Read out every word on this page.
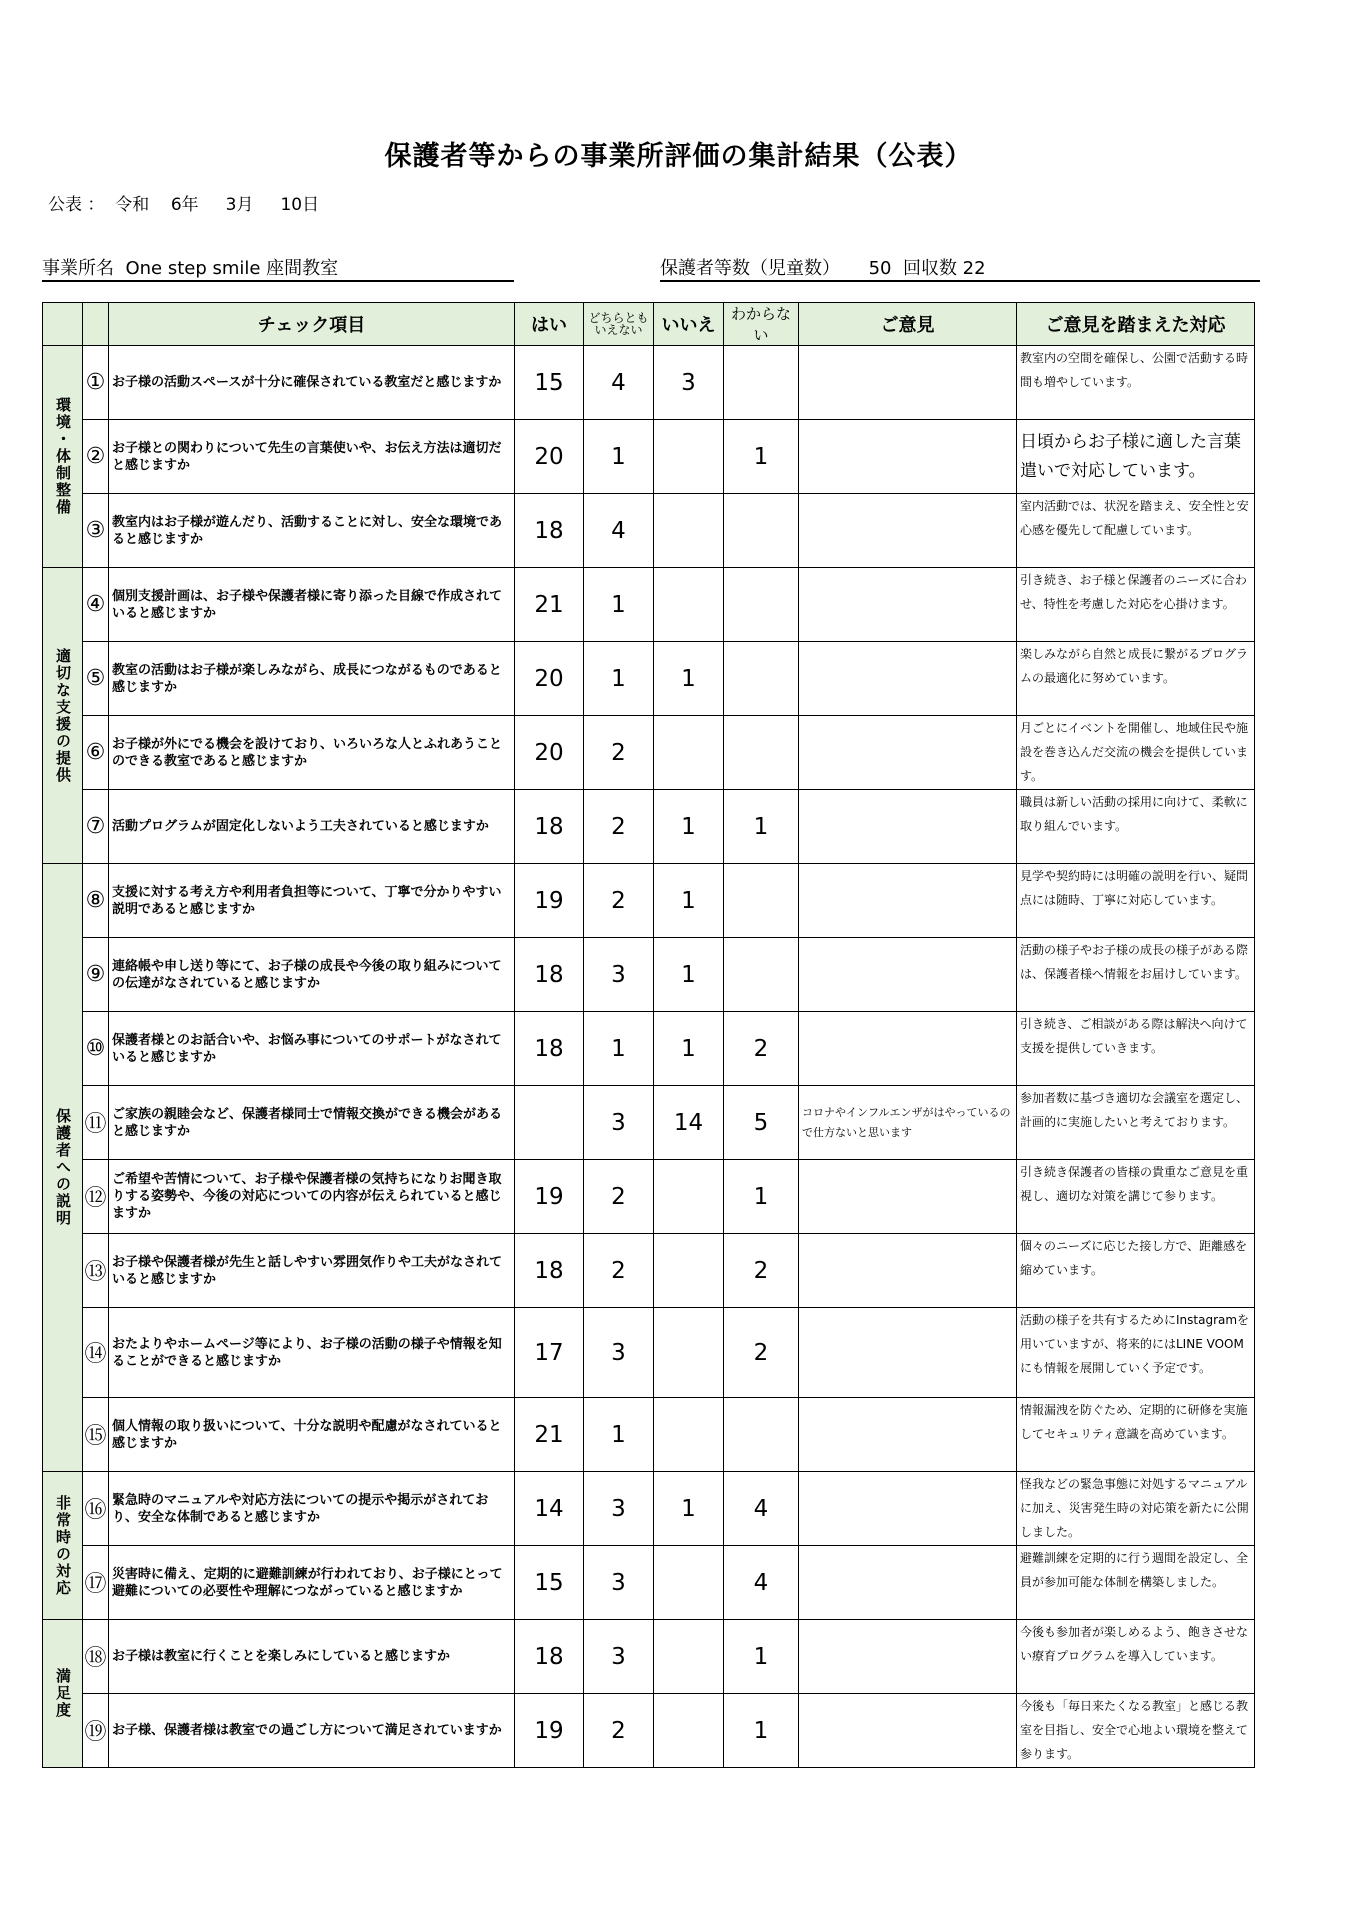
保護者等からの事業所評価の集計結果（公表）
公表 ：  令和    6年     3月     10日
事業所名  One step smile 座間教室	保護者等数（児童数）     50  回収数 22
		チェック項目	はい	どちらとも いえない	いいえ	わからない	ご意見	ご意見を踏まえた対応
環境・体制整備	①	お子様の活動スペースが十分に確保されている教室だと感じますか	15	4	3			教室内の空間を確保し、公園で活動する時間も増やしています。
	②	お子様との関わりについて先生の言葉使いや、お伝え方法は適切だと感じますか	20	1		1		日頃からお子様に適した言葉遣いで対応しています。
	③	教室内はお子様が遊んだり、活動することに対し、安全な環境であると感じますか	18	4				室内活動では、状況を踏まえ、安全性と安心感を優先して配慮しています。
適切な支援の提供	④	個別支援計画は、お子様や保護者様に寄り添った目線で作成されていると感じますか	21	1				引き続き、お子様と保護者のニーズに合わせ、特性を考慮した対応を心掛けます。
	⑤	教室の活動はお子様が楽しみながら、成長につながるものであると感じますか	20	1	1			楽しみながら自然と成長に繋がるプログラムの最適化に努めています。
	⑥	お子様が外にでる機会を設けており、いろいろな人とふれあうことのできる教室であると感じますか	20	2				月ごとにイベントを開催し、地域住民や施設を巻き込んだ交流の機会を提供しています。
	⑦	活動プログラムが固定化しないよう工夫されていると感じますか	18	2	1	1		職員は新しい活動の採用に向けて、柔軟に取り組んでいます。
保護者への説明	⑧	支援に対する考え方や利用者負担等について、丁寧で分かりやすい説明であると感じますか	19	2	1			見学や契約時には明確の説明を行い、疑問点には随時、丁寧に対応しています。
	⑨	連絡帳や申し送り等にて、お子様の成長や今後の取り組みについての伝達がなされていると感じますか	18	3	1			活動の様子やお子様の成長の様子がある際は、保護者様へ情報をお届けしています。
	⑩	保護者様とのお話合いや、お悩み事についてのサポートがなされていると感じますか	18	1	1	2		引き続き、ご相談がある際は解決へ向けて支援を提供していきます。
	⑪	ご家族の親睦会など、保護者様同士で情報交換ができる機会があると感じますか		3	14	5	コロナやインフルエンザがはやっているので仕方ないと思います	参加者数に基づき適切な会議室を選定し、計画的に実施したいと考えております。
	⑫	ご希望や苦情について、お子様や保護者様の気持ちになりお聞き取りする姿勢や、今後の対応についての内容が伝えられていると感じますか	19	2		1		引き続き保護者の皆様の貴重なご意見を重視し、適切な対策を講じて参ります。
	⑬	お子様や保護者様が先生と話しやすい雰囲気作りや工夫がなされていると感じますか	18	2		2		個々のニーズに応じた接し方で、距離感を縮めています。
	⑭	おたよりやホームページ等により、お子様の活動の様子や情報を知ることができると感じますか	17	3		2		活動の様子を共有するためにInstagramを用いていますが、将来的にはLINE VOOMにも情報を展開していく予定です。
	⑮	個人情報の取り扱いについて、十分な説明や配慮がなされていると感じますか	21	1				情報漏洩を防ぐため、定期的に研修を実施してセキュリティ意識を高めています。
非常時の対応	⑯	緊急時のマニュアルや対応方法についての提示や掲示がされており、安全な体制であると感じますか	14	3	1	4		怪我などの緊急事態に対処するマニュアルに加え、災害発生時の対応策を新たに公開しました。
	⑰	災害時に備え、定期的に避難訓練が行われており、お子様にとって避難についての必要性や理解につながっていると感じますか	15	3		4		避難訓練を定期的に行う週間を設定し、全員が参加可能な体制を構築しました。
満足度	⑱	お子様は教室に行くことを楽しみにしていると感じますか	18	3		1		今後も参加者が楽しめるよう、飽きさせない療育プログラムを導入しています。
	⑲	お子様、保護者様は教室での過ごし方について満足されていますか	19	2		1		今後も「毎日来たくなる教室」と感じる教室を目指し、安全で心地よい環境を整えて参ります。
